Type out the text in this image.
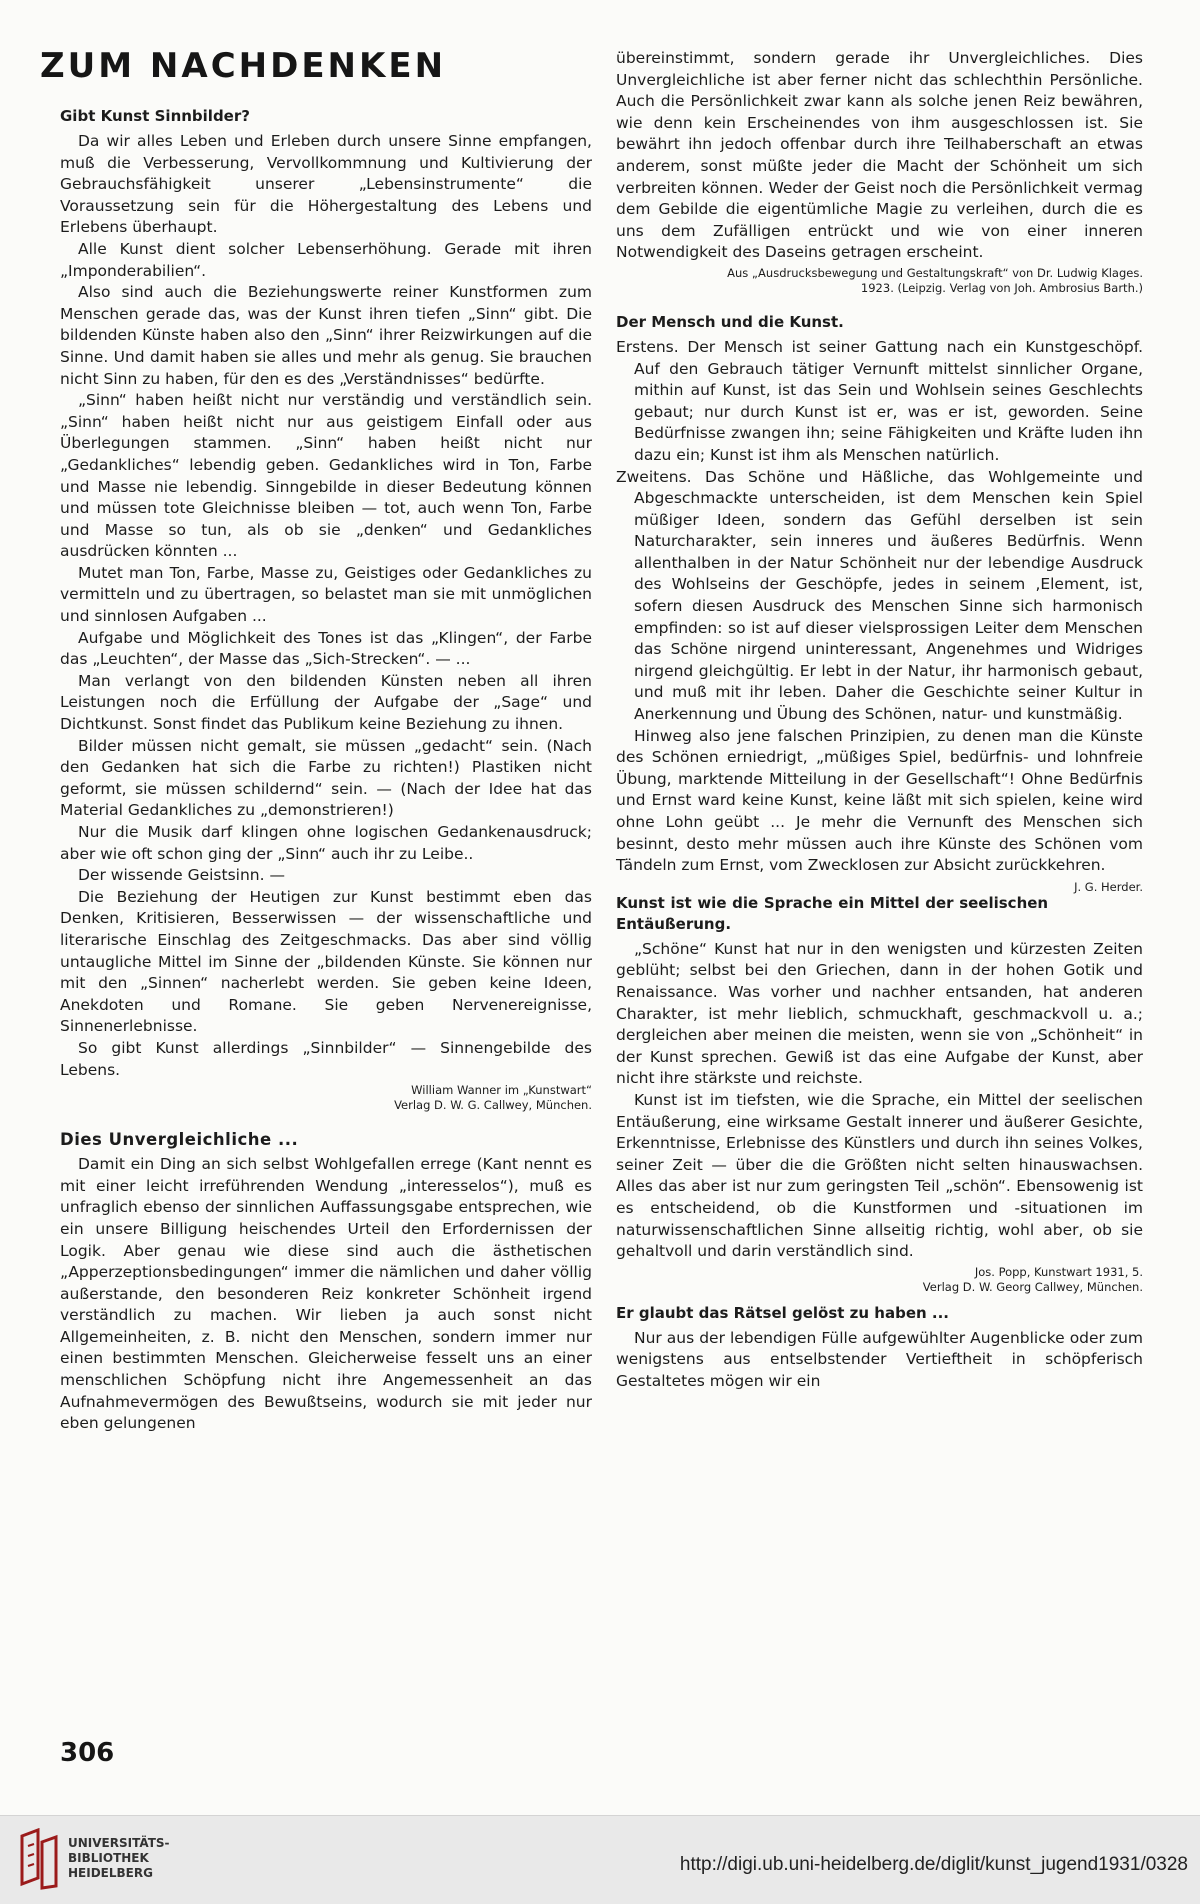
ZUM NACHDENKEN
Gibt Kunst Sinnbilder?

Da wir alles Leben und Erleben durch unsere Sinne empfangen, muß die Verbesserung, Vervollkommnung und Kultivierung der Gebrauchsfähigkeit unserer „Lebensinstrumente“ die Voraussetzung sein für die Höhergestaltung des Lebens und Erlebens überhaupt.

Alle Kunst dient solcher Lebenserhöhung. Gerade mit ihren „Imponderabilien“.

Also sind auch die Beziehungswerte reiner Kunstformen zum Menschen gerade das, was der Kunst ihren tiefen „Sinn“ gibt. Die bildenden Künste haben also den „Sinn“ ihrer Reizwirkungen auf die Sinne. Und damit haben sie alles und mehr als genug. Sie brauchen nicht Sinn zu haben, für den es des „Verständnisses“ bedürfte.

„Sinn“ haben heißt nicht nur verständig und verständlich sein. „Sinn“ haben heißt nicht nur aus geistigem Einfall oder aus Überlegungen stammen. „Sinn“ haben heißt nicht nur „Gedankliches“ lebendig geben. Gedankliches wird in Ton, Farbe und Masse nie lebendig. Sinngebilde in dieser Bedeutung können und müssen tote Gleichnisse bleiben — tot, auch wenn Ton, Farbe und Masse so tun, als ob sie „denken“ und Gedankliches ausdrücken könnten ...

Mutet man Ton, Farbe, Masse zu, Geistiges oder Gedankliches zu vermitteln und zu übertragen, so belastet man sie mit unmöglichen und sinnlosen Aufgaben ...

Aufgabe und Möglichkeit des Tones ist das „Klingen“, der Farbe das „Leuchten“, der Masse das „Sich-Strecken“. — ...

Man verlangt von den bildenden Künsten neben all ihren Leistungen noch die Erfüllung der Aufgabe der „Sage“ und Dichtkunst. Sonst findet das Publikum keine Beziehung zu ihnen.

Bilder müssen nicht gemalt, sie müssen „gedacht“ sein. (Nach den Gedanken hat sich die Farbe zu richten!) Plastiken nicht geformt, sie müssen schildernd“ sein. — (Nach der Idee hat das Material Gedankliches zu „demonstrieren!)

Nur die Musik darf klingen ohne logischen Gedankenausdruck; aber wie oft schon ging der „Sinn“ auch ihr zu Leibe..

Der wissende Geistsinn. —

Die Beziehung der Heutigen zur Kunst bestimmt eben das Denken, Kritisieren, Besserwissen — der wissenschaftliche und literarische Einschlag des Zeitgeschmacks. Das aber sind völlig untaugliche Mittel im Sinne der „bildenden Künste. Sie können nur mit den „Sinnen“ nacherlebt werden. Sie geben keine Ideen, Anekdoten und Romane. Sie geben Nervenereignisse, Sinnenerlebnisse.

So gibt Kunst allerdings „Sinnbilder“ — Sinnengebilde des Lebens.

William Wanner im „Kunstwart“
Verlag D. W. G. Callwey, München.
Dies Unvergleichliche ...

Damit ein Ding an sich selbst Wohlgefallen errege (Kant nennt es mit einer leicht irreführenden Wendung „interesselos“), muß es unfraglich ebenso der sinnlichen Auffassungsgabe entsprechen, wie ein unsere Billigung heischendes Urteil den Erfordernissen der Logik. Aber genau wie diese sind auch die ästhetischen „Apperzeptionsbedingungen“ immer die nämlichen und daher völlig außerstande, den besonderen Reiz konkreter Schönheit irgend verständlich zu machen. Wir lieben ja auch sonst nicht Allgemeinheiten, z. B. nicht den Menschen, sondern immer nur einen bestimmten Menschen. Gleicherweise fesselt uns an einer menschlichen Schöpfung nicht ihre Angemessenheit an das Aufnahmevermögen des Bewußtseins, wodurch sie mit jeder nur eben gelungenen

übereinstimmt, sondern gerade ihr Unvergleichliches. Dies Unvergleichliche ist aber ferner nicht das schlechthin Persönliche. Auch die Persönlichkeit zwar kann als solche jenen Reiz bewähren, wie denn kein Erscheinendes von ihm ausgeschlossen ist. Sie bewährt ihn jedoch offenbar durch ihre Teilhaberschaft an etwas anderem, sonst müßte jeder die Macht der Schönheit um sich verbreiten können. Weder der Geist noch die Persönlichkeit vermag dem Gebilde die eigentümliche Magie zu verleihen, durch die es uns dem Zufälligen entrückt und wie von einer inneren Notwendigkeit des Daseins getragen erscheint.

Aus „Ausdrucksbewegung und Gestaltungskraft“ von Dr. Ludwig Klages.
1923. (Leipzig. Verlag von Joh. Ambrosius Barth.)
Der Mensch und die Kunst.

Erstens. Der Mensch ist seiner Gattung nach ein Kunstgeschöpf. Auf den Gebrauch tätiger Vernunft mittelst sinnlicher Organe, mithin auf Kunst, ist das Sein und Wohlsein seines Geschlechts gebaut; nur durch Kunst ist er, was er ist, geworden. Seine Bedürfnisse zwangen ihn; seine Fähigkeiten und Kräfte luden ihn dazu ein; Kunst ist ihm als Menschen natürlich.

Zweitens. Das Schöne und Häßliche, das Wohlgemeinte und Abgeschmackte unterscheiden, ist dem Menschen kein Spiel müßiger Ideen, sondern das Gefühl derselben ist sein Naturcharakter, sein inneres und äußeres Bedürfnis. Wenn allenthalben in der Natur Schönheit nur der lebendige Ausdruck des Wohlseins der Geschöpfe, jedes in seinem ‚Element, ist, sofern diesen Ausdruck des Menschen Sinne sich harmonisch empfinden: so ist auf dieser vielsprossigen Leiter dem Menschen das Schöne nirgend uninteressant, Angenehmes und Widriges nirgend gleichgültig. Er lebt in der Natur, ihr harmonisch gebaut, und muß mit ihr leben. Daher die Geschichte seiner Kultur in Anerkennung und Übung des Schönen, natur- und kunstmäßig.

Hinweg also jene falschen Prinzipien, zu denen man die Künste des Schönen erniedrigt, „müßiges Spiel, bedürfnis- und lohnfreie Übung, marktende Mitteilung in der Gesellschaft“! Ohne Bedürfnis und Ernst ward keine Kunst, keine läßt mit sich spielen, keine wird ohne Lohn geübt ... Je mehr die Vernunft des Menschen sich besinnt, desto mehr müssen auch ihre Künste des Schönen vom Tändeln zum Ernst, vom Zwecklosen zur Absicht zurückkehren.
J. G. Herder.

Kunst ist wie die Sprache ein Mittel der seelischen Entäußerung.

„Schöne“ Kunst hat nur in den wenigsten und kürzesten Zeiten geblüht; selbst bei den Griechen, dann in der hohen Gotik und Renaissance. Was vorher und nachher entsanden, hat anderen Charakter, ist mehr lieblich, schmuckhaft, geschmackvoll u. a.; dergleichen aber meinen die meisten, wenn sie von „Schönheit“ in der Kunst sprechen. Gewiß ist das eine Aufgabe der Kunst, aber nicht ihre stärkste und reichste.

Kunst ist im tiefsten, wie die Sprache, ein Mittel der seelischen Entäußerung, eine wirksame Gestalt innerer und äußerer Gesichte, Erkenntnisse, Erlebnisse des Künstlers und durch ihn seines Volkes, seiner Zeit — über die die Größten nicht selten hinauswachsen. Alles das aber ist nur zum geringsten Teil „schön“. Ebensowenig ist es entscheidend, ob die Kunstformen und -situationen im naturwissenschaftlichen Sinne allseitig richtig, wohl aber, ob sie gehaltvoll und darin verständlich sind.

Jos. Popp, Kunstwart 1931, 5.
Verlag D. W. Georg Callwey, München.
Er glaubt das Rätsel gelöst zu haben ...

Nur aus der lebendigen Fülle aufgewühlter Augenblicke oder zum wenigstens aus entselbstender Vertieftheit in schöpferisch Gestaltetes mögen wir ein

306
UNIVERSITÄTS-
BIBLIOTHEK
HEIDELBERG	http://digi.ub.uni-heidelberg.de/diglit/kunst_jugend1931/0328
